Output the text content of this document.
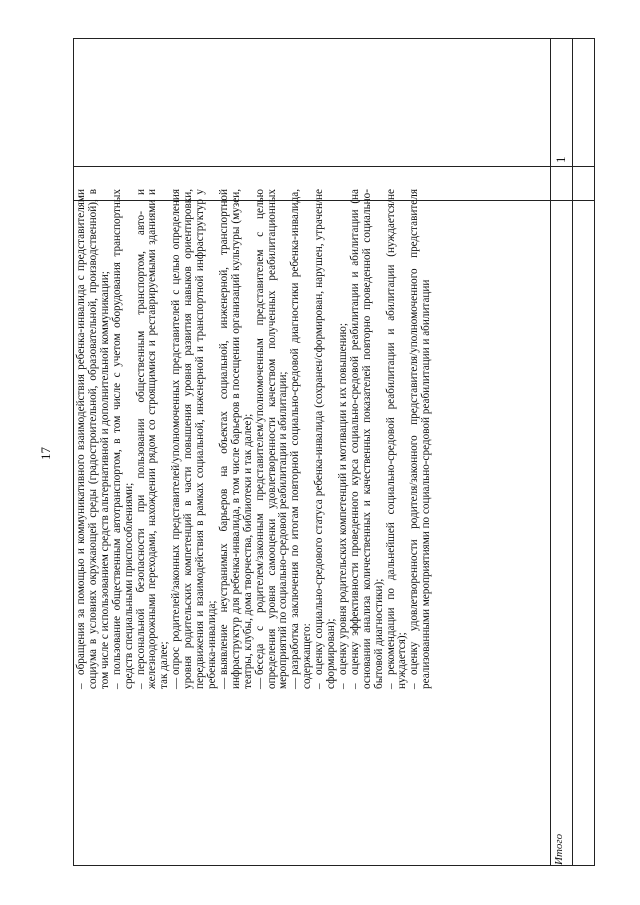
17
–обращения за помощью и коммуникативного взаимодействия ребенка-инвалида с представителями социума в условиях окружающей среды (градостроительной, образовательной, производственной), в том числе с использованием средств альтернативной и дополнительной коммуникации; –пользование общественным автотранспортом, в том числе с учетом оборудования транспортных средств специальными приспособлениями; –персональной безопасности при пользовании общественным транспортом, авто- и железнодорожными переходами, нахождении рядом со строящимися и реставрируемыми зданиями и так далее; —опрос родителей/законных представителей/уполномоченных представителей с целью определения уровня родительских компетенций в части повышения уровня развития навыков ориентировки, передвижения и взаимодействия в рамках социальной, инженерной и транспортной инфраструктур у ребенка-инвалида; —выявление неустранимых барьеров на объектах социальной, инженерной, транспортной инфраструктур для ребенка-инвалида, в том числе барьеров в посещении организаций культуры (музеи, театры, клубы, дома творчества, библиотеки и так далее); —беседа с родителем/законным представителем/уполномоченным представителем с целью определения уровня самооценки удовлетворенности качеством полученных реабилитационных мероприятий по социально-средовой реабилитации и абилитации; —разработка заключения по итогам повторной социально-средовой диагностики ребенка-инвалида, содержащего: –оценку социально-средового статуса ребенка-инвалида (сохранен/сформирован, нарушен, утрачен/не сформирован); –оценку уровня родительских компетенций и мотивации к их повышению;
–оценку эффективности проведенного курса социально-средовой реабилитации и абилитации (на основании анализа количественных и качественных показателей повторно проведенной социально-бытовой диагностики); –рекомендации по дальнейшей социально-средовой реабилитации и абилитации (нуждается/не нуждается); –оценку удовлетворенности родителя/законного представителя/уполномоченного представителя реализованными мероприятиями по социально-средовой реабилитации и абилитации
Итого
1
